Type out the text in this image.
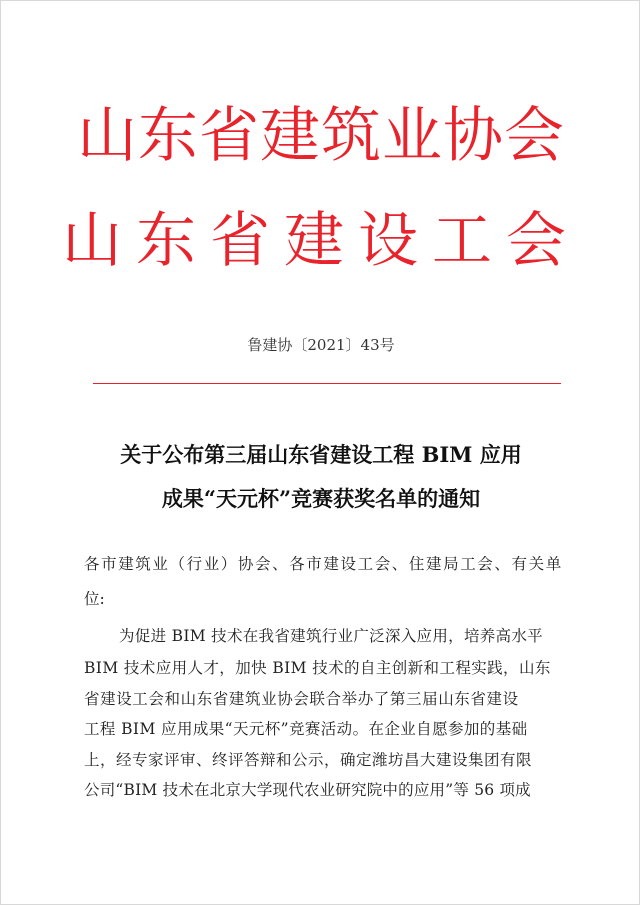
山东省建筑业协会
山东省建设工会
鲁建协〔2021〕43号
关于公布第三届山东省建设工程 BIM 应用
成果“天元杯”竞赛获奖名单的通知
各市建筑业（行业）协会、各市建设工会、住建局工会、有关单
位:
为促进 BIM 技术在我省建筑行业广泛深入应用，培养高水平
BIM 技术应用人才，加快 BIM 技术的自主创新和工程实践，山东
省建设工会和山东省建筑业协会联合举办了第三届山东省建设
工程 BIM 应用成果“天元杯”竞赛活动。在企业自愿参加的基础
上，经专家评审、终评答辩和公示，确定潍坊昌大建设集团有限
公司“BIM 技术在北京大学现代农业研究院中的应用”等 56 项成
